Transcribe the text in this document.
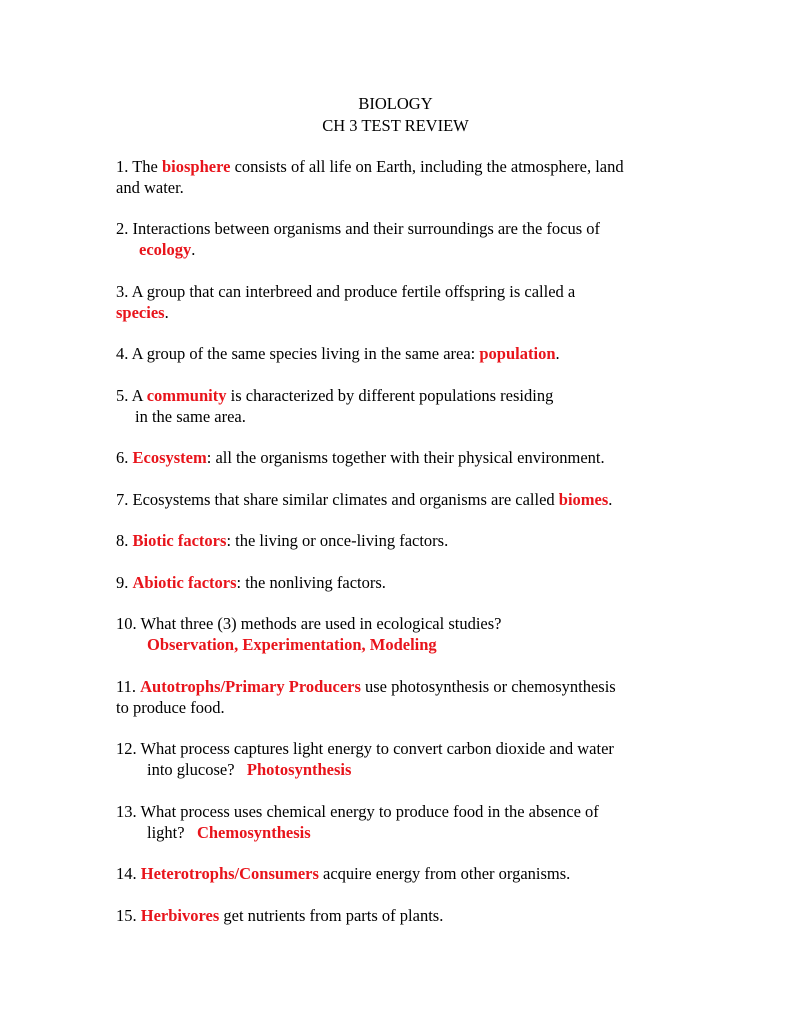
BIOLOGY
CH 3 TEST REVIEW
1. The biosphere consists of all life on Earth, including the atmosphere, land
and water.
2. Interactions between organisms and their surroundings are the focus of
ecology.
3. A group that can interbreed and produce fertile offspring is called a
species.
4. A group of the same species living in the same area: population.
5. A community is characterized by different populations residing
in the same area.
6. Ecosystem: all the organisms together with their physical environment.
7. Ecosystems that share similar climates and organisms are called biomes.
8. Biotic factors: the living or once-living factors.
9. Abiotic factors: the nonliving factors.
10. What three (3) methods are used in ecological studies?
Observation, Experimentation, Modeling
11. Autotrophs/Primary Producers use photosynthesis or chemosynthesis
to produce food.
12. What process captures light energy to convert carbon dioxide and water
into glucose? Photosynthesis
13. What process uses chemical energy to produce food in the absence of
light? Chemosynthesis
14. Heterotrophs/Consumers acquire energy from other organisms.
15. Herbivores get nutrients from parts of plants.
